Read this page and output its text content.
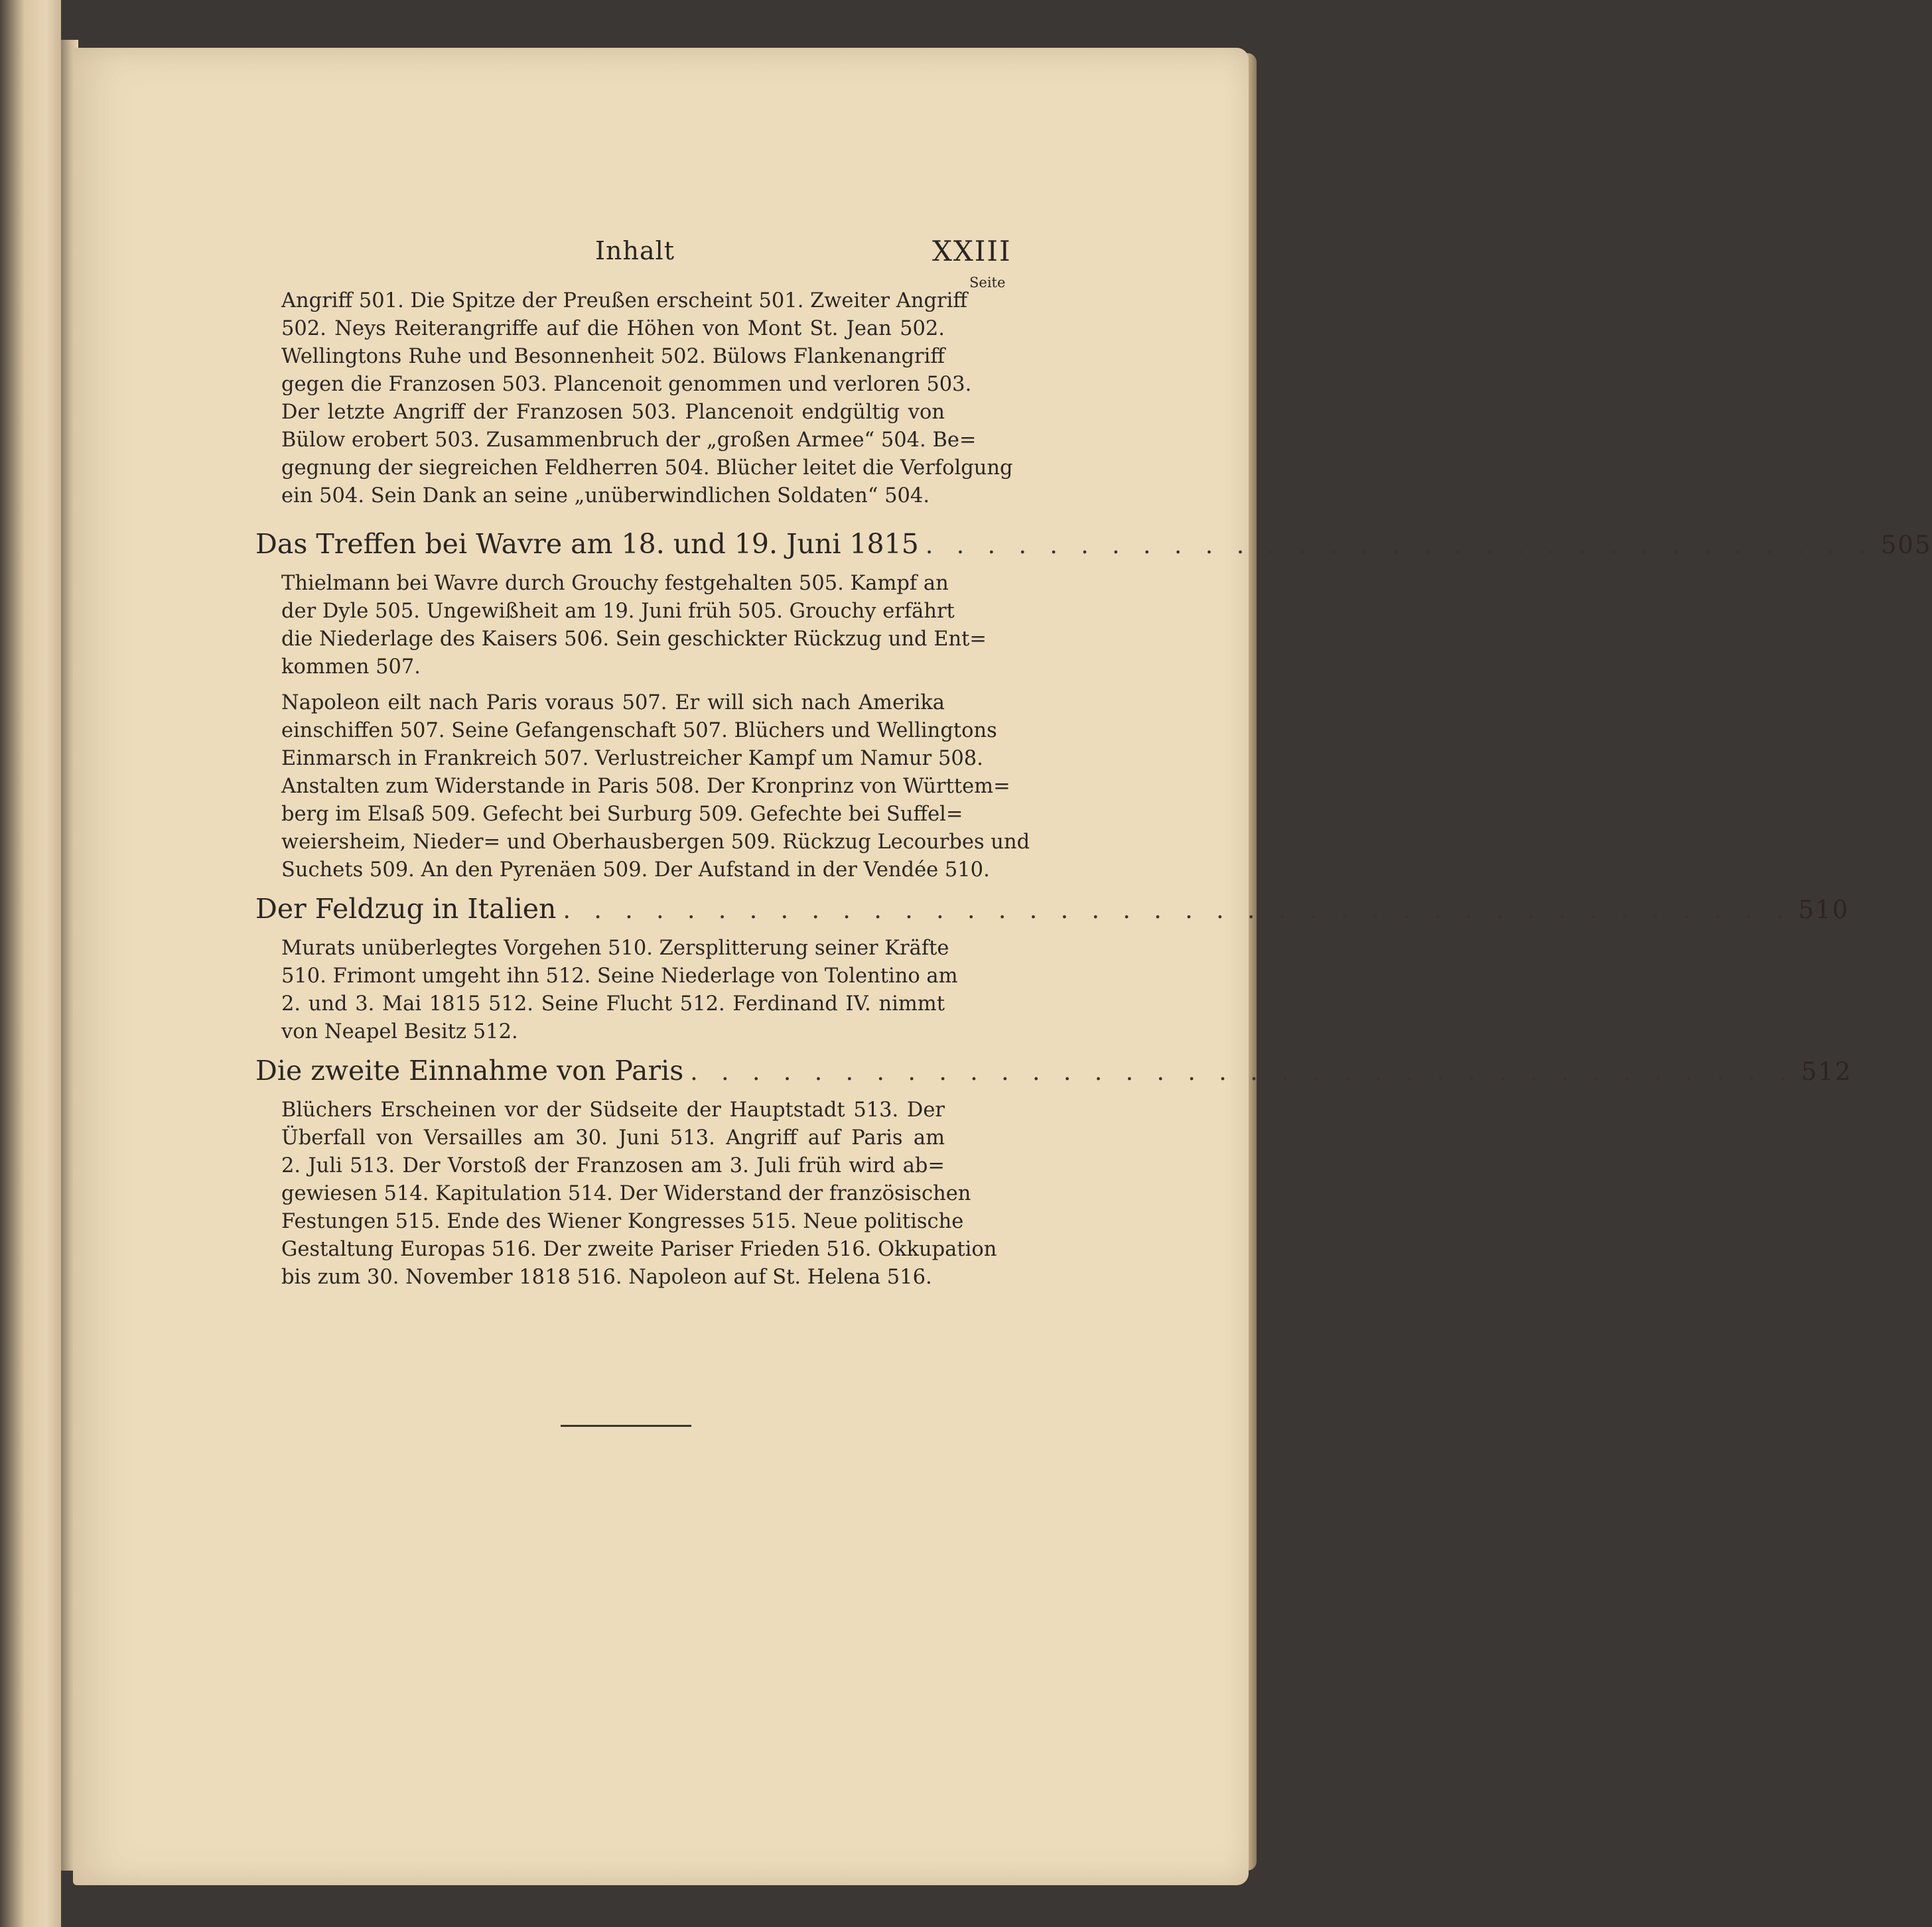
Inhalt	XXIII
Seite
Angriff 501. Die Spitze der Preußen erscheint 501. Zweiter Angriff
502. Neys Reiterangriffe auf die Höhen von Mont St. Jean 502.
Wellingtons Ruhe und Besonnenheit 502. Bülows Flankenangriff
gegen die Franzosen 503. Plancenoit genommen und verloren 503.
Der letzte Angriff der Franzosen 503. Plancenoit endgültig von
Bülow erobert 503. Zusammenbruch der „großen Armee“ 504. Be=
gegnung der siegreichen Feldherren 504. Blücher leitet die Verfolgung
ein 504. Sein Dank an seine „unüberwindlichen Soldaten“ 504.
Das Treffen bei Wavre am 18. und 19. Juni 1815 . . . . . . . . . . . . . . . . . . . . . . . . . . . . . . . 505
Thielmann bei Wavre durch Grouchy festgehalten 505. Kampf an
der Dyle 505. Ungewißheit am 19. Juni früh 505. Grouchy erfährt
die Niederlage des Kaisers 506. Sein geschickter Rückzug und Ent=
kommen 507.
Napoleon eilt nach Paris voraus 507. Er will sich nach Amerika
einschiffen 507. Seine Gefangenschaft 507. Blüchers und Wellingtons
Einmarsch in Frankreich 507. Verlustreicher Kampf um Namur 508.
Anstalten zum Widerstande in Paris 508. Der Kronprinz von Württem=
berg im Elsaß 509. Gefecht bei Surburg 509. Gefechte bei Suffel=
weiersheim, Nieder= und Oberhausbergen 509. Rückzug Lecourbes und
Suchets 509. An den Pyrenäen 509. Der Aufstand in der Vendée 510.
Der Feldzug in Italien . . . . . . . . . . . . . . . . . . . . . . . . . . . . . . . . . . . . . . . . 510
Murats unüberlegtes Vorgehen 510. Zersplitterung seiner Kräfte
510. Frimont umgeht ihn 512. Seine Niederlage von Tolentino am
2. und 3. Mai 1815 512. Seine Flucht 512. Ferdinand IV. nimmt
von Neapel Besitz 512.
Die zweite Einnahme von Paris . . . . . . . . . . . . . . . . . . . . . . . . . . . . . . . . . . . . 512
Blüchers Erscheinen vor der Südseite der Hauptstadt 513. Der
Überfall von Versailles am 30. Juni 513. Angriff auf Paris am
2. Juli 513. Der Vorstoß der Franzosen am 3. Juli früh wird ab=
gewiesen 514. Kapitulation 514. Der Widerstand der französischen
Festungen 515. Ende des Wiener Kongresses 515. Neue politische
Gestaltung Europas 516. Der zweite Pariser Frieden 516. Okkupation
bis zum 30. November 1818 516. Napoleon auf St. Helena 516.
